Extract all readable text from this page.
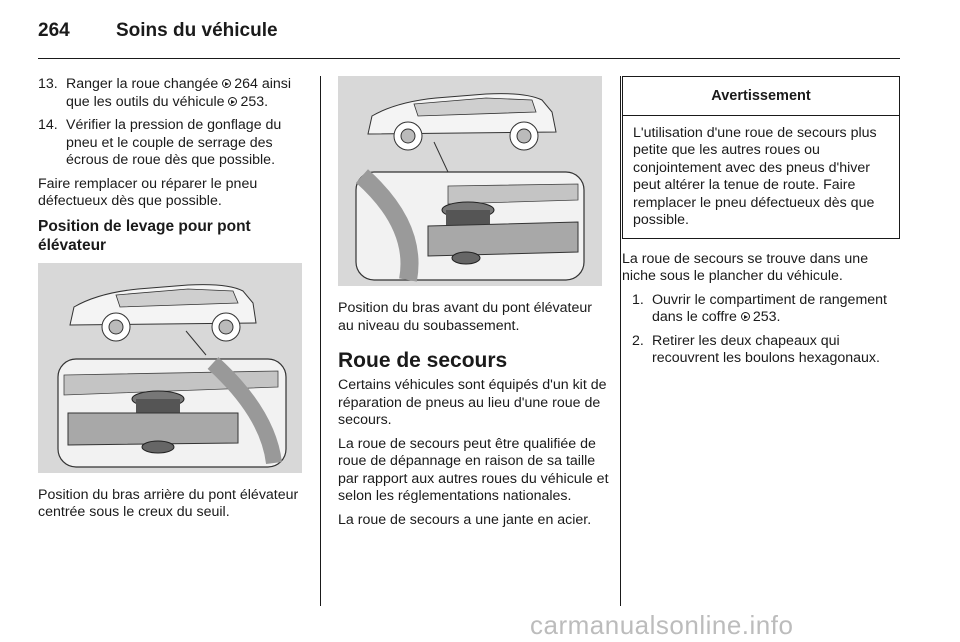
264	Soins du véhicule
13. Ranger la roue changée 264 ainsi que les outils du véhicule 253.
14. Vérifier la pression de gonflage du pneu et le couple de serrage des écrous de roue dès que possible.

Faire remplacer ou réparer le pneu défectueux dès que possible.

Position de levage pour pont élévateur

Position du bras arrière du pont élévateur centrée sous le creux du seuil.

Position du bras avant du pont élévateur au niveau du soubassement.

Roue de secours

Certains véhicules sont équipés d'un kit de réparation de pneus au lieu d'une roue de secours.

La roue de secours peut être qualifiée de roue de dépannage en raison de sa taille par rapport aux autres roues du véhicule et selon les réglementations nationales.

La roue de secours a une jante en acier.

Avertissement
L'utilisation d'une roue de secours plus petite que les autres roues ou conjointement avec des pneus d'hiver peut altérer la tenue de route. Faire remplacer le pneu défectueux dès que possible.

La roue de secours se trouve dans une niche sous le plancher du véhicule.

1. Ouvrir le compartiment de rangement dans le coffre 253.
2. Retirer les deux chapeaux qui recouvrent les boulons hexagonaux.
carmanualsonline.info
